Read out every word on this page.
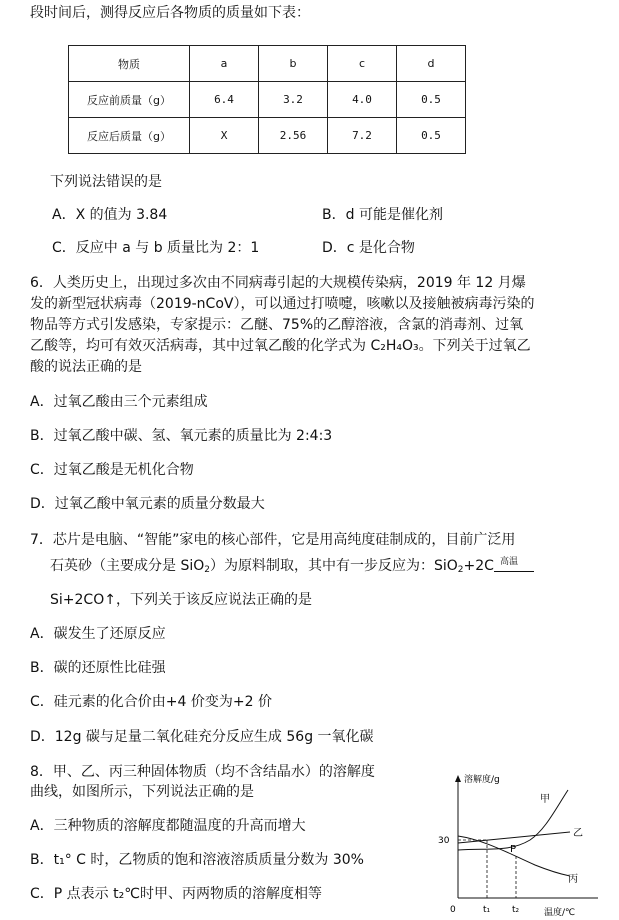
段时间后，测得反应后各物质的质量如下表：
物质	a	b	c	d
反应前质量（g）	6.4	3.2	4.0	0.5
反应后质量（g）	X	2.56	7.2	0.5
下列说法错误的是
A．X 的值为 3.84	B．d 可能是催化剂
C．反应中 a 与 b 质量比为 2：1	D．c 是化合物
6．人类历史上，出现过多次由不同病毒引起的大规模传染病，2019 年 12 月爆
发的新型冠状病毒（2019-nCoV），可以通过打喷嚏，咳嗽以及接触被病毒污染的
物品等方式引发感染，专家提示：乙醚、75%的乙醇溶液，含氯的消毒剂、过氧
乙酸等，均可有效灭活病毒，其中过氧乙酸的化学式为 C₂H₄O₃。下列关于过氧乙
酸的说法正确的是
A．过氧乙酸由三个元素组成
B．过氧乙酸中碳、氢、氧元素的质量比为 2:4:3
C．过氧乙酸是无机化合物
D．过氧乙酸中氧元素的质量分数最大
7．芯片是电脑、“智能”家电的核心部件，它是用高纯度硅制成的，目前广泛用
石英砂（主要成分是 SiO$_2$）为原料制取，其中有一步反应为：SiO$_2$+2C 高温
Si+2CO↑，下列关于该反应说法正确的是
A．碳发生了还原反应
B．碳的还原性比硅强
C．硅元素的化合价由+4 价变为+2 价
D．12g 碳与足量二氧化硅充分反应生成 56g 一氧化碳
8．甲、乙、丙三种固体物质（均不含结晶水）的溶解度
曲线，如图所示，下列说法正确的是
A．三种物质的溶解度都随温度的升高而增大
B．t₁° C 时，乙物质的饱和溶液溶质质量分数为 30%
C．P 点表示 t₂℃时甲、丙两物质的溶解度相等
溶解度/g
温度/℃
0	t₁ t₂
30
甲
乙
丙
P
